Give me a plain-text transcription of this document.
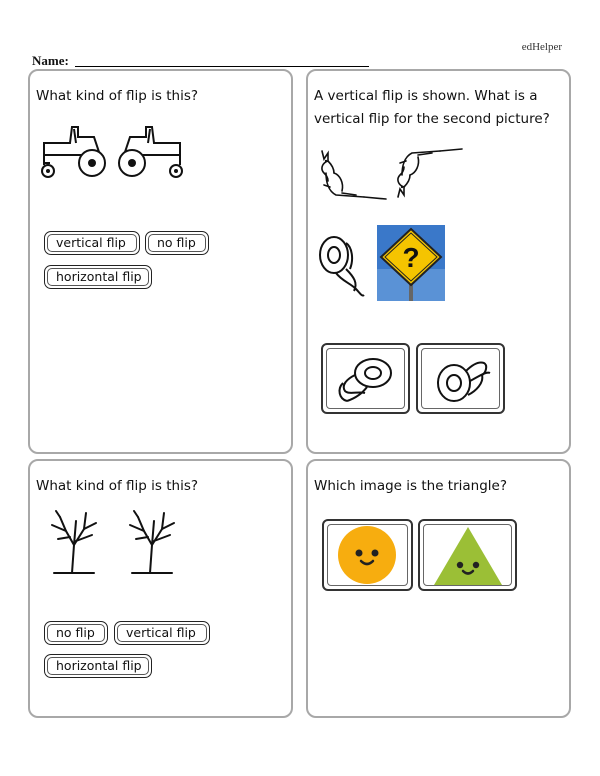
edHelper
Name:
What kind of flip is this?
vertical flip	no flip
horizontal flip
A vertical flip is shown. What is a
vertical flip for the second picture?
?
What kind of flip is this?
no flip	vertical flip
horizontal flip
Which image is the triangle?
